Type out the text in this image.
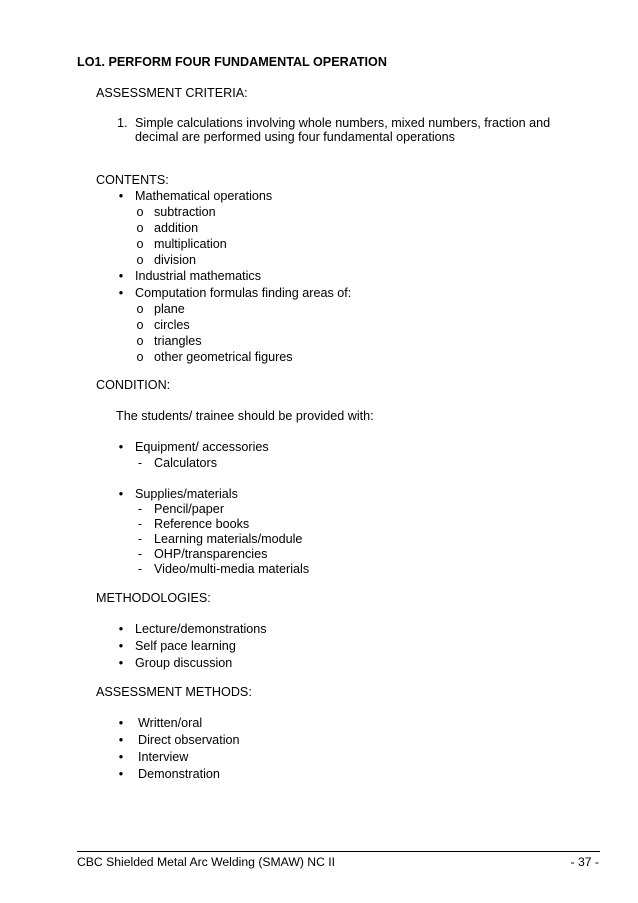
LO1. PERFORM FOUR FUNDAMENTAL OPERATION
ASSESSMENT CRITERIA:
1. Simple calculations involving whole numbers, mixed numbers, fraction and
decimal are performed using four fundamental operations
CONTENTS:
• Mathematical operations
o subtraction
o addition
o multiplication
o division
• Industrial mathematics
• Computation formulas finding areas of:
o plane
o circles
o triangles
o other geometrical figures
CONDITION:
The students/ trainee should be provided with:
• Equipment/ accessories
- Calculators
• Supplies/materials
- Pencil/paper
- Reference books
- Learning materials/module
- OHP/transparencies
- Video/multi-media materials
METHODOLOGIES:
• Lecture/demonstrations
• Self pace learning
• Group discussion
ASSESSMENT METHODS:
•	Written/oral
•	Direct observation
•	Interview
•	Demonstration
CBC Shielded Metal Arc Welding (SMAW) NC II	- 37 -
